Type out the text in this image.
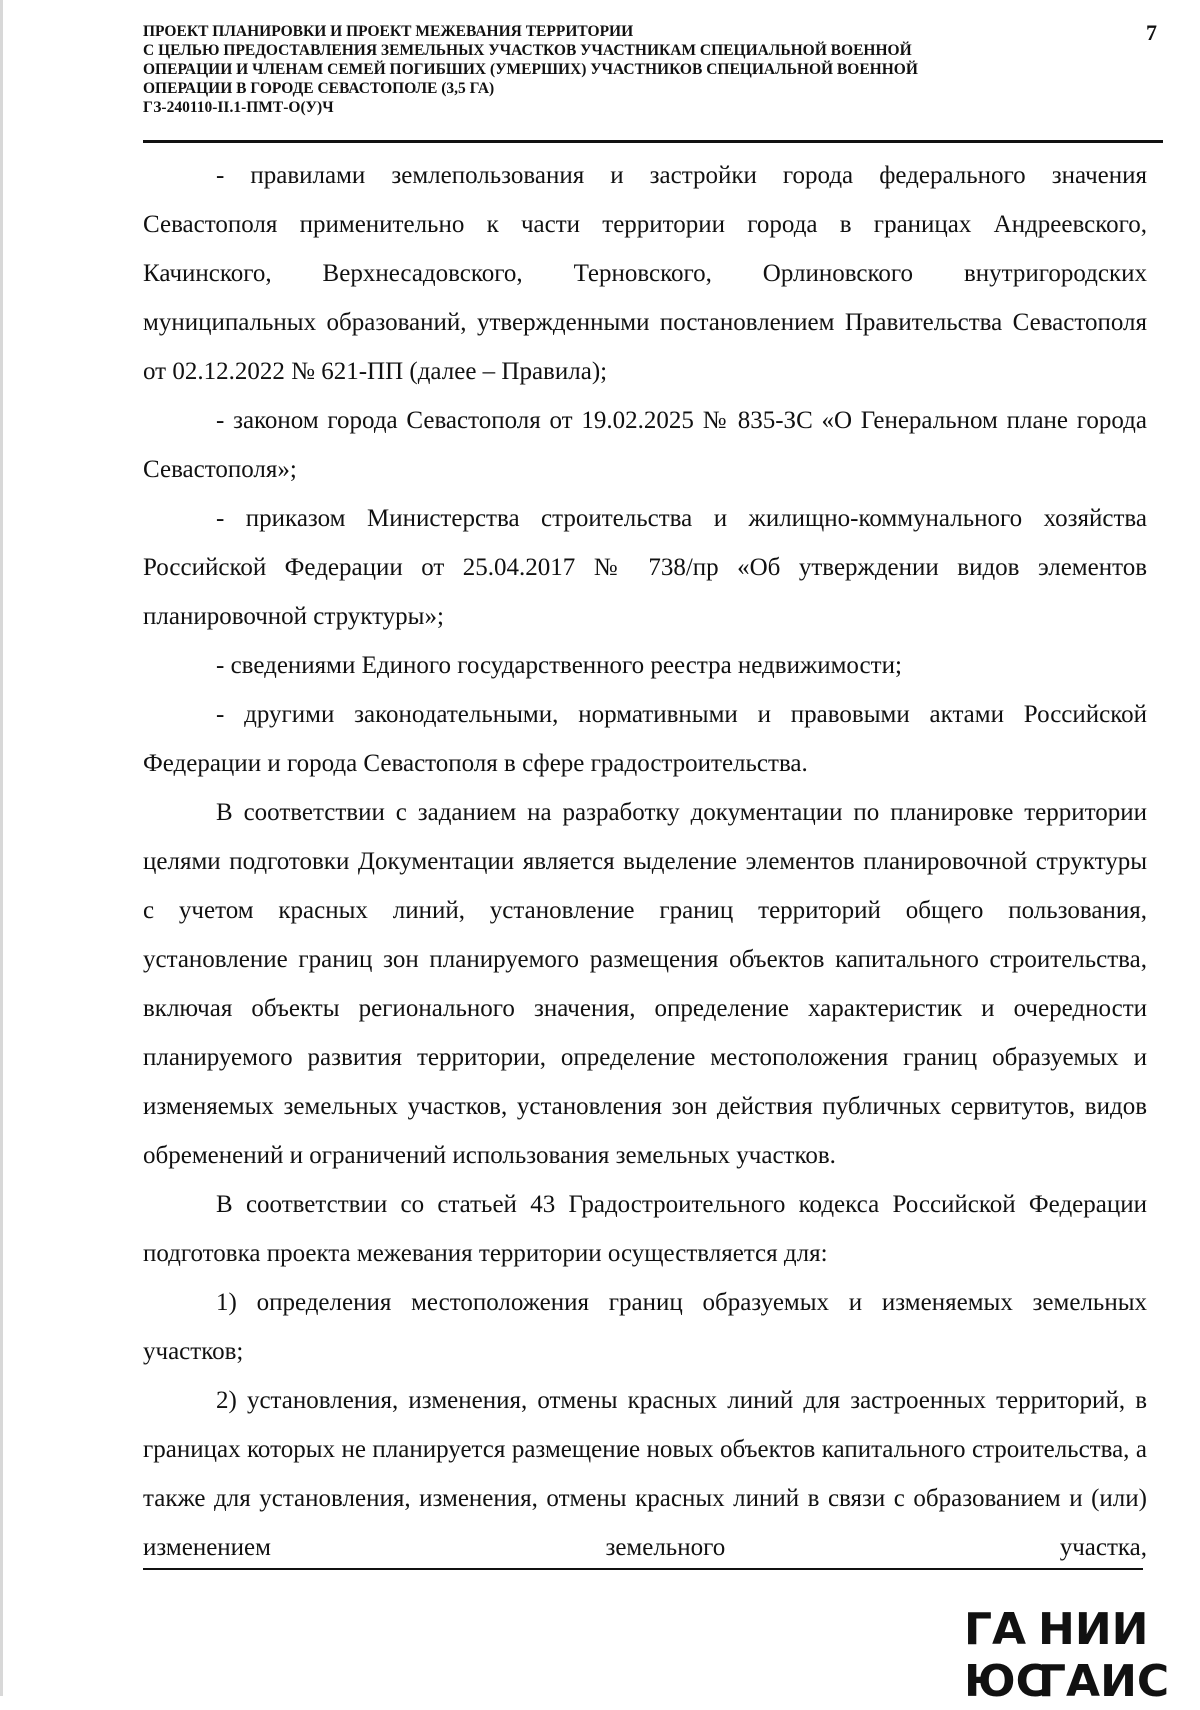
ПРОЕКТ ПЛАНИРОВКИ И ПРОЕКТ МЕЖЕВАНИЯ ТЕРРИТОРИИ
С ЦЕЛЬЮ ПРЕДОСТАВЛЕНИЯ ЗЕМЕЛЬНЫХ УЧАСТКОВ УЧАСТНИКАМ СПЕЦИАЛЬНОЙ ВОЕННОЙ
ОПЕРАЦИИ И ЧЛЕНАМ СЕМЕЙ ПОГИБШИХ (УМЕРШИХ) УЧАСТНИКОВ СПЕЦИАЛЬНОЙ ВОЕННОЙ
ОПЕРАЦИИ В ГОРОДЕ СЕВАСТОПОЛЕ (3,5 ГА)
ГЗ-240110-II.1-ПМТ-О(У)Ч
7

- правилами землепользования и застройки города федерального значения Севастополя применительно к части территории города в границах Андреевского, Качинского, Верхнесадовского, Терновского, Орлиновского внутригородских муниципальных образований, утвержденными постановлением Правительства Севастополя от 02.12.2022 № 621-ПП (далее – Правила);

- законом города Севастополя от 19.02.2025 № 835-ЗС «О Генеральном плане города Севастополя»;

- приказом Министерства строительства и жилищно-коммунального хозяйства Российской Федерации от 25.04.2017 № 738/пр «Об утверждении видов элементов планировочной структуры»;

- сведениями Единого государственного реестра недвижимости;

- другими законодательными, нормативными и правовыми актами Российской Федерации и города Севастополя в сфере градостроительства.

В соответствии с заданием на разработку документации по планировке территории целями подготовки Документации является выделение элементов планировочной структуры с учетом красных линий, установление границ территорий общего пользования, установление границ зон планируемого размещения объектов капитального строительства, включая объекты регионального значения, определение характеристик и очередности планируемого развития территории, определение местоположения границ образуемых и изменяемых земельных участков, установления зон действия публичных сервитутов, видов обременений и ограничений использования земельных участков.

В соответствии со статьей 43 Градостроительного кодекса Российской Федерации подготовка проекта межевания территории осуществляется для:

1) определения местоположения границ образуемых и изменяемых земельных участков;

2) установления, изменения, отмены красных линий для застроенных территорий, в границах которых не планируется размещение новых объектов капитального строительства, а также для установления, изменения, отмены красных линий в связи с образованием и (или) изменением земельного участка,

ГА НИИ
ЮС
ГАИС
